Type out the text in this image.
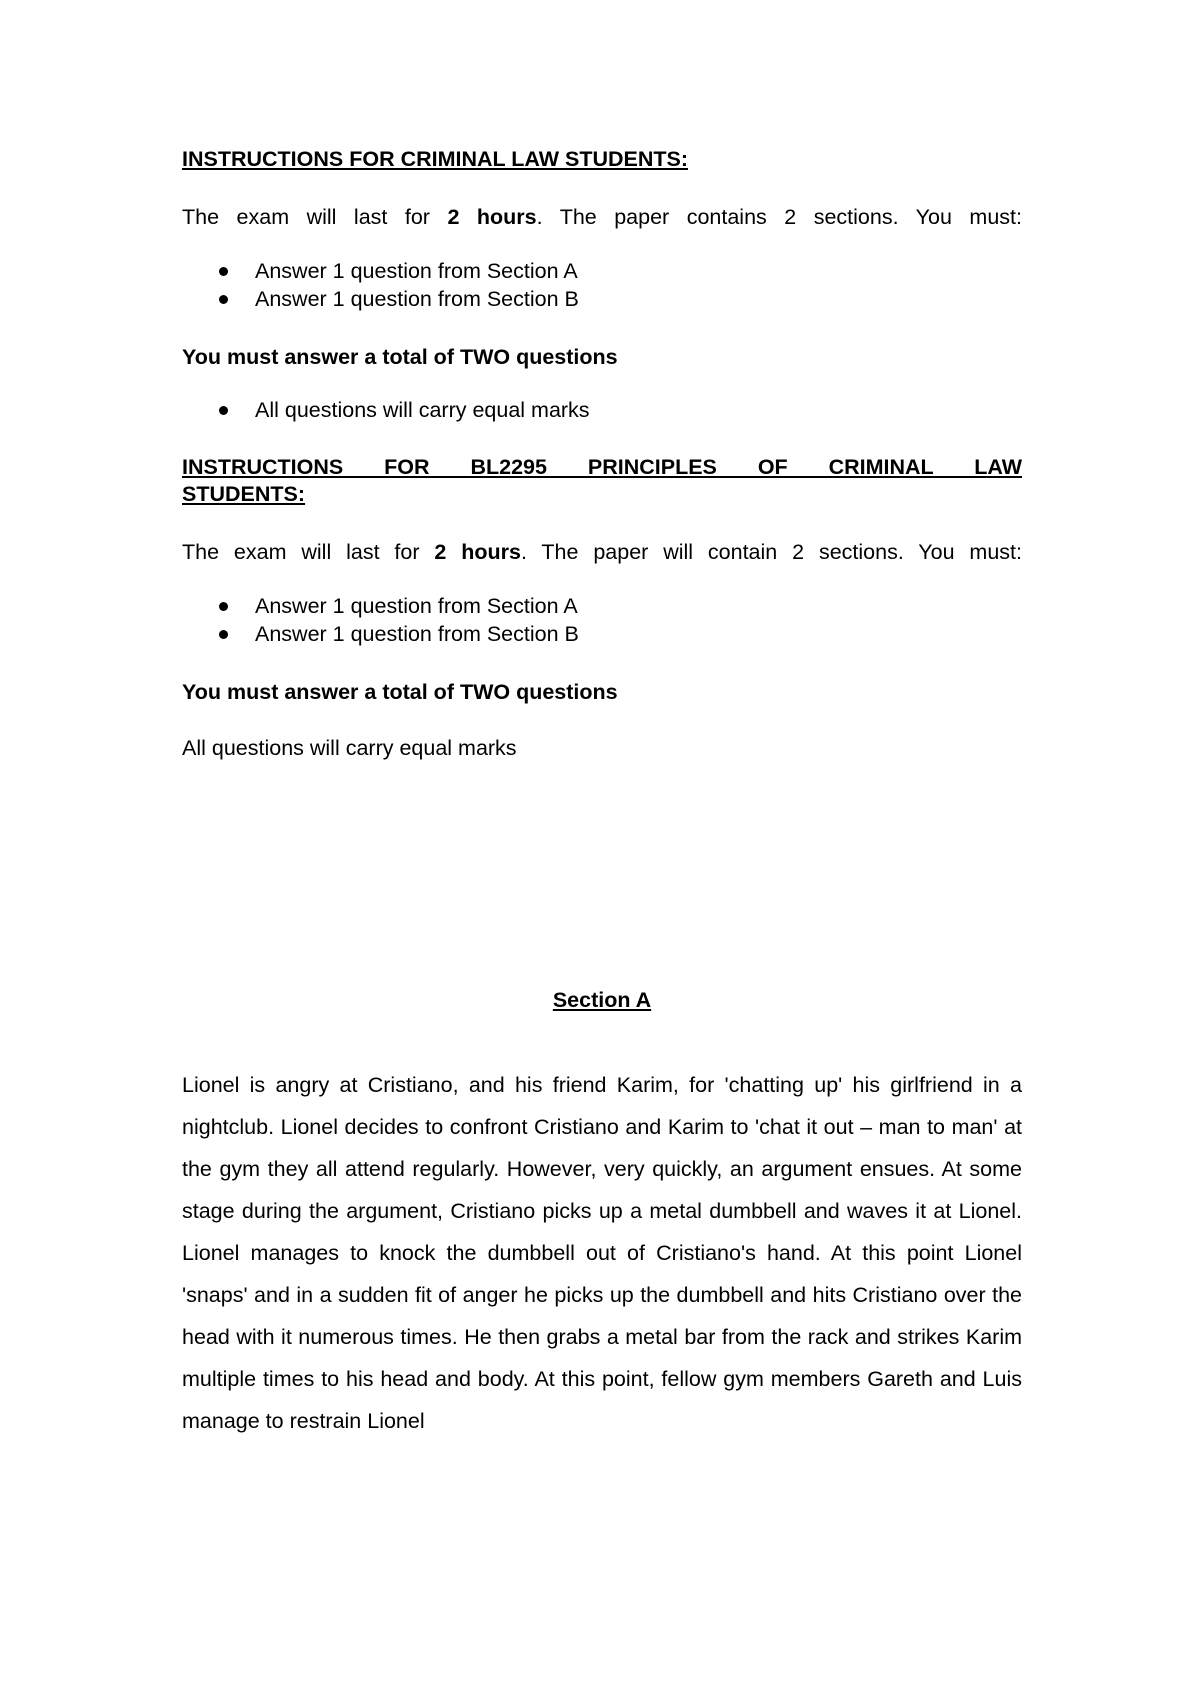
INSTRUCTIONS FOR CRIMINAL LAW STUDENTS:
The exam will last for 2 hours. The paper contains 2 sections. You must:
Answer 1 question from Section A
Answer 1 question from Section B
You must answer a total of TWO questions
All questions will carry equal marks
INSTRUCTIONS FOR BL2295 PRINCIPLES OF CRIMINAL LAW
STUDENTS:
The exam will last for 2 hours. The paper will contain 2 sections. You must:
Answer 1 question from Section A
Answer 1 question from Section B
You must answer a total of TWO questions
All questions will carry equal marks
Section A

Lionel is angry at Cristiano, and his friend Karim, for 'chatting up' his girlfriend in a nightclub. Lionel decides to confront Cristiano and Karim to 'chat it out – man to man' at the gym they all attend regularly. However, very quickly, an argument ensues. At some stage during the argument, Cristiano picks up a metal dumbbell and waves it at Lionel. Lionel manages to knock the dumbbell out of Cristiano's hand. At this point Lionel 'snaps' and in a sudden fit of anger he picks up the dumbbell and hits Cristiano over the head with it numerous times. He then grabs a metal bar from the rack and strikes Karim multiple times to his head and body. At this point, fellow gym members Gareth and Luis manage to restrain Lionel
